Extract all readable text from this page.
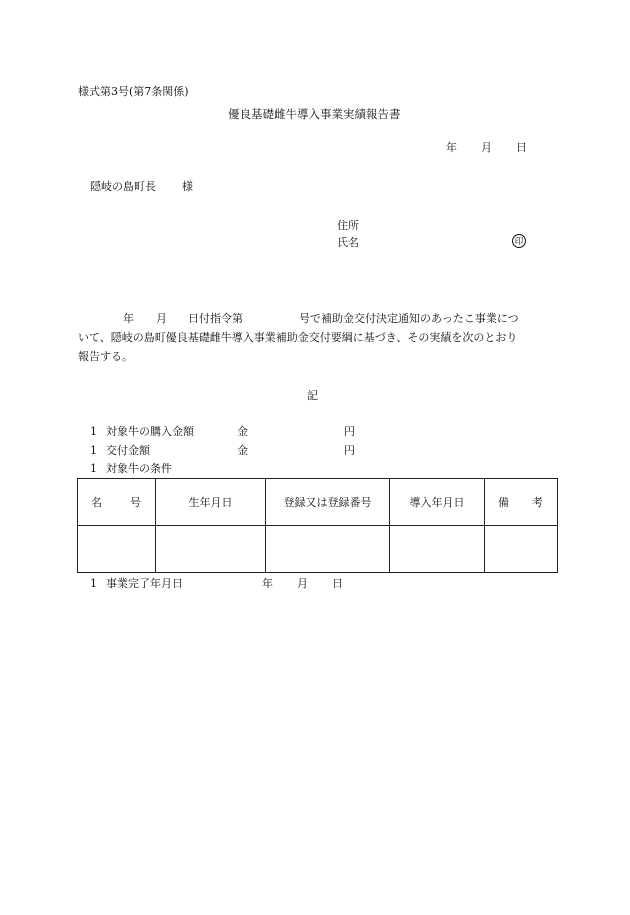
様式第3号(第7条関係)
優良基礎雌牛導入事業実績報告書
年 月 日
隠岐の島町長 様
住所
氏名	印
年 月 日付指令第	号で補助金交付決定通知のあったこ事業につ
いて、隠岐の島町優良基礎雌牛導入事業補助金交付要綱に基づき、その実績を次のとおり
報告する。
記
1 対象牛の購入金額	金	円
1 交付金額	金	円
1 対象牛の条件
名 号	生年月日	登録又は登録番号	導入年月日	備 考

1 事業完了年月日	年 月 日
